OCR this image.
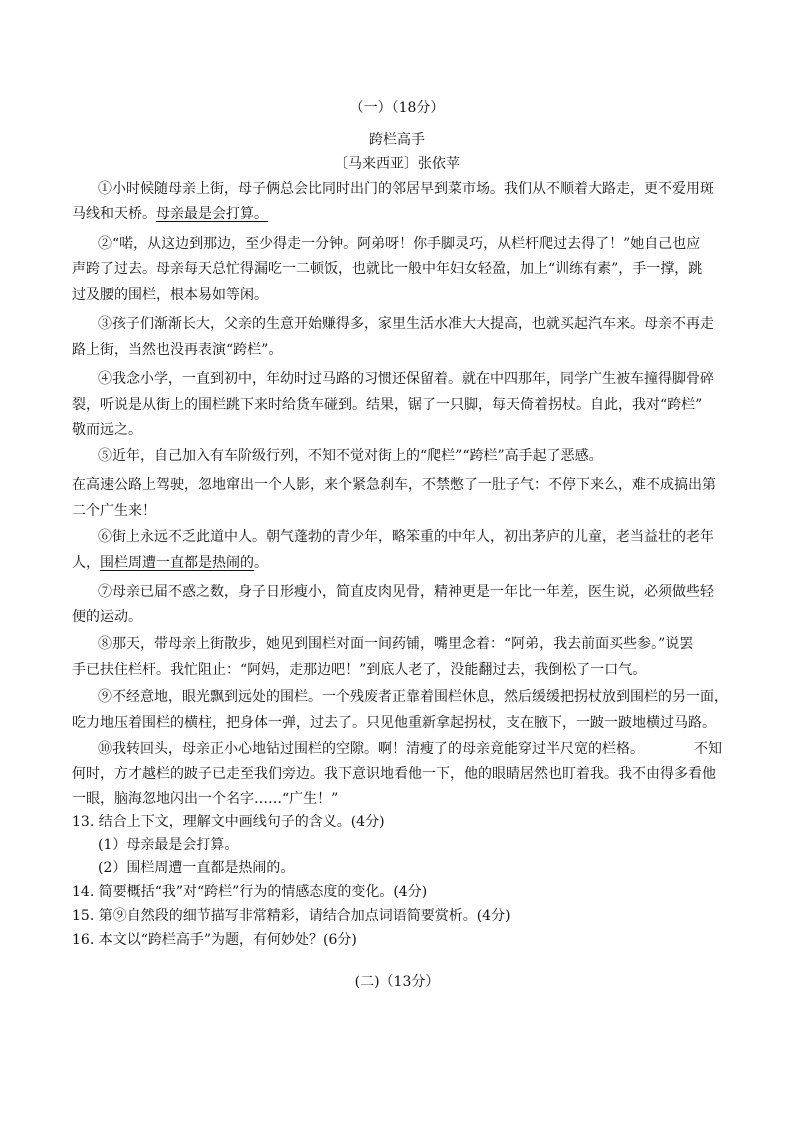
（一）（18分）
跨栏高手
〔马来西亚〕张依苹
①小时候随母亲上街，母子俩总会比同时出门的邻居早到菜市场。我们从不顺着大路走，更不爱用斑
马线和天桥。母亲最是会打算。
②“喏，从这边到那边，至少得走一分钟。阿弟呀！你手脚灵巧，从栏杆爬过去得了！”她自己也应
声跨了过去。母亲每天总忙得漏吃一二顿饭，也就比一般中年妇女轻盈，加上“训练有素”，手一撑，跳
过及腰的围栏，根本易如等闲。
③孩子们渐渐长大，父亲的生意开始赚得多，家里生活水准大大提高，也就买起汽车来。母亲不再走
路上街，当然也没再表演“跨栏”。
④我念小学，一直到初中，年幼时过马路的习惯还保留着。就在中四那年，同学广生被车撞得脚骨碎
裂，听说是从街上的围栏跳下来时给货车碰到。结果，锯了一只脚，每天倚着拐杖。自此，我对“跨栏”
敬而远之。
⑤近年，自己加入有车阶级行列，不知不觉对街上的“爬栏”“跨栏”高手起了恶感。
在高速公路上驾驶，忽地窜出一个人影，来个紧急刹车，不禁憋了一肚子气：不停下来么，难不成搞出第
二个广生来！
⑥街上永远不乏此道中人。朝气蓬勃的青少年，略笨重的中年人，初出茅庐的儿童，老当益壮的老年
人，围栏周遭一直都是热闹的。
⑦母亲已届不惑之数，身子日形瘦小，简直皮肉见骨，精神更是一年比一年差，医生说，必须做些轻
便的运动。
⑧那天，带母亲上街散步，她见到围栏对面一间药铺，嘴里念着：“阿弟，我去前面买些参。”说罢
手已扶住栏杆。我忙阻止：“阿妈，走那边吧！”到底人老了，没能翻过去，我倒松了一口气。
⑨不经意地，眼光飘到远处的围栏。一个残废者正靠着围栏休息，然后缓缓把拐杖放到围栏的另一面，
吃力地压着围栏的横柱，把身体一弹，过去了。只见他重新拿起拐杖，支在腋下，一跛一跛地横过马路。
⑩我转回头，母亲正小心地钻过围栏的空隙。啊！清瘦了的母亲竟能穿过半尺宽的栏格。	不知
何时，方才越栏的跛子已走至我们旁边。我下意识地看他一下，他的眼睛居然也盯着我。我不由得多看他
一眼，脑海忽地闪出一个名字……“广生！”
13. 结合上下文，理解文中画线句子的含义。(4分)
(1）母亲最是会打算。
(2）围栏周遭一直都是热闹的。
14. 简要概括“我”对“跨栏”行为的情感态度的变化。(4分)
15. 第⑨自然段的细节描写非常精彩，请结合加点词语简要赏析。(4分)
16. 本文以“跨栏高手”为题，有何妙处？(6分)
(二)（13分）
